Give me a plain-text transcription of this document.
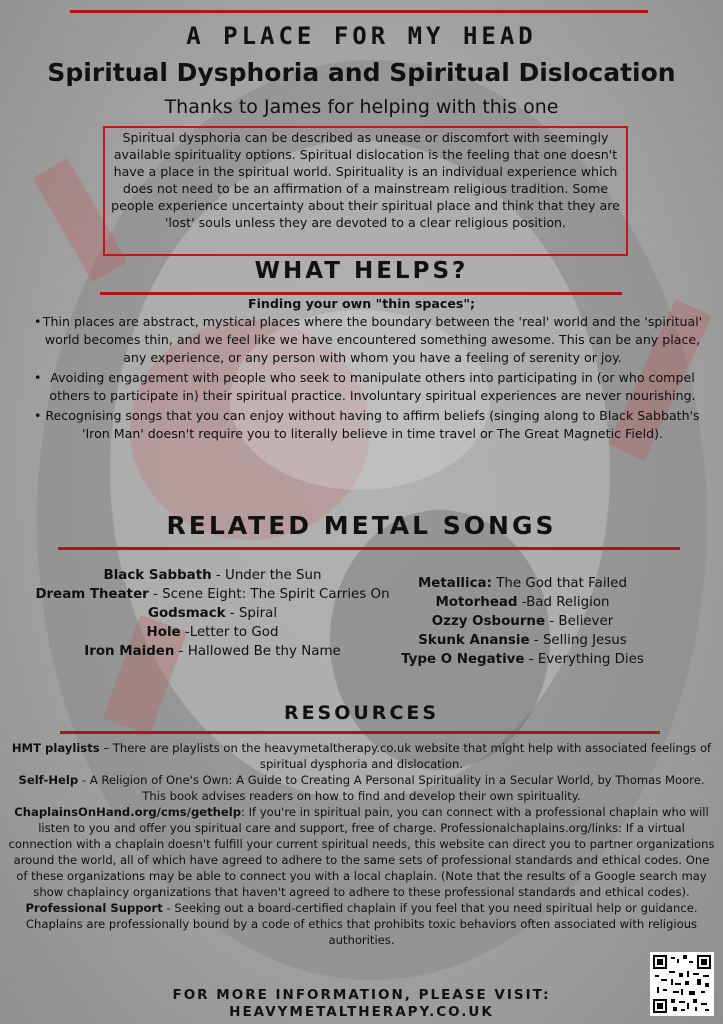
A PLACE FOR MY HEAD
Spiritual Dysphoria and Spiritual Dislocation
Thanks to James for helping with this one
Spiritual dysphoria can be described as unease or discomfort with seemingly available spirituality options. Spiritual dislocation is the feeling that one doesn't have a place in the spiritual world. Spirituality is an individual experience which does not need to be an affirmation of a mainstream religious tradition. Some people experience uncertainty about their spiritual place and think that they are 'lost' souls unless they are devoted to a clear religious position.
WHAT HELPS?
Finding your own "thin spaces";
• Thin places are abstract, mystical places where the boundary between the 'real' world and the 'spiritual' world becomes thin, and we feel like we have encountered something awesome. This can be any place, any experience, or any person with whom you have a feeling of serenity or joy.
• Avoiding engagement with people who seek to manipulate others into participating in (or who compel others to participate in) their spiritual practice. Involuntary spiritual experiences are never nourishing.
• Recognising songs that you can enjoy without having to affirm beliefs (singing along to Black Sabbath's 'Iron Man' doesn't require you to literally believe in time travel or The Great Magnetic Field).
RELATED METAL SONGS
Black Sabbath - Under the Sun
Dream Theater - Scene Eight: The Spirit Carries On
Godsmack - Spiral
Hole -Letter to God
Iron Maiden - Hallowed Be thy Name
Metallica: The God that Failed
Motorhead -Bad Religion
Ozzy Osbourne - Believer
Skunk Anansie - Selling Jesus
Type O Negative - Everything Dies
RESOURCES

HMT playlists – There are playlists on the heavymetaltherapy.co.uk website that might help with associated feelings of spiritual dysphoria and dislocation.

Self-Help - A Religion of One's Own: A Guide to Creating A Personal Spirituality in a Secular World, by Thomas Moore. This book advises readers on how to find and develop their own spirituality.

ChaplainsOnHand.org/cms/gethelp: If you're in spiritual pain, you can connect with a professional chaplain who will listen to you and offer you spiritual care and support, free of charge. Professionalchaplains.org/links: If a virtual connection with a chaplain doesn't fulfill your current spiritual needs, this website can direct you to partner organizations around the world, all of which have agreed to adhere to the same sets of professional standards and ethical codes. One of these organizations may be able to connect you with a local chaplain. (Note that the results of a Google search may show chaplaincy organizations that haven't agreed to adhere to these professional standards and ethical codes).

Professional Support - Seeking out a board-certified chaplain if you feel that you need spiritual help or guidance. Chaplains are professionally bound by a code of ethics that prohibits toxic behaviors often associated with religious authorities.

FOR MORE INFORMATION, PLEASE VISIT:
HEAVYMETALTHERAPY.CO.UK
